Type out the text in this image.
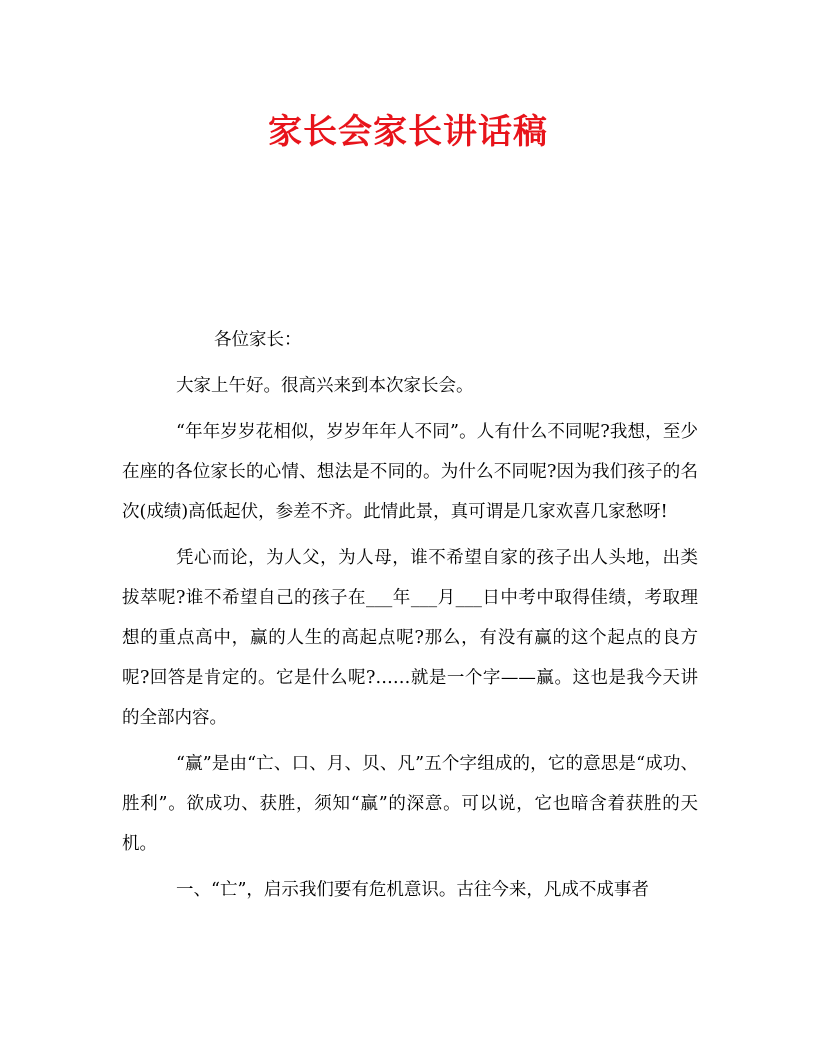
家长会家长讲话稿

各位家长：

大家上午好。很高兴来到本次家长会。

“年年岁岁花相似，岁岁年年人不同”。人有什么不同呢?我想，至少在座的各位家长的心情、想法是不同的。为什么不同呢?因为我们孩子的名次(成绩)高低起伏，参差不齐。此情此景，真可谓是几家欢喜几家愁呀!

凭心而论，为人父，为人母，谁不希望自家的孩子出人头地，出类拔萃呢?谁不希望自己的孩子在___年___月___日中考中取得佳绩，考取理想的重点高中，赢的人生的高起点呢?那么，有没有赢的这个起点的良方呢?回答是肯定的。它是什么呢?……就是一个字——赢。这也是我今天讲的全部内容。

“赢”是由“亡、口、月、贝、凡”五个字组成的，它的意思是“成功、胜利”。欲成功、获胜，须知“赢”的深意。可以说，它也暗含着获胜的天机。

一、“亡”，启示我们要有危机意识。古往今来，凡成不成事者
